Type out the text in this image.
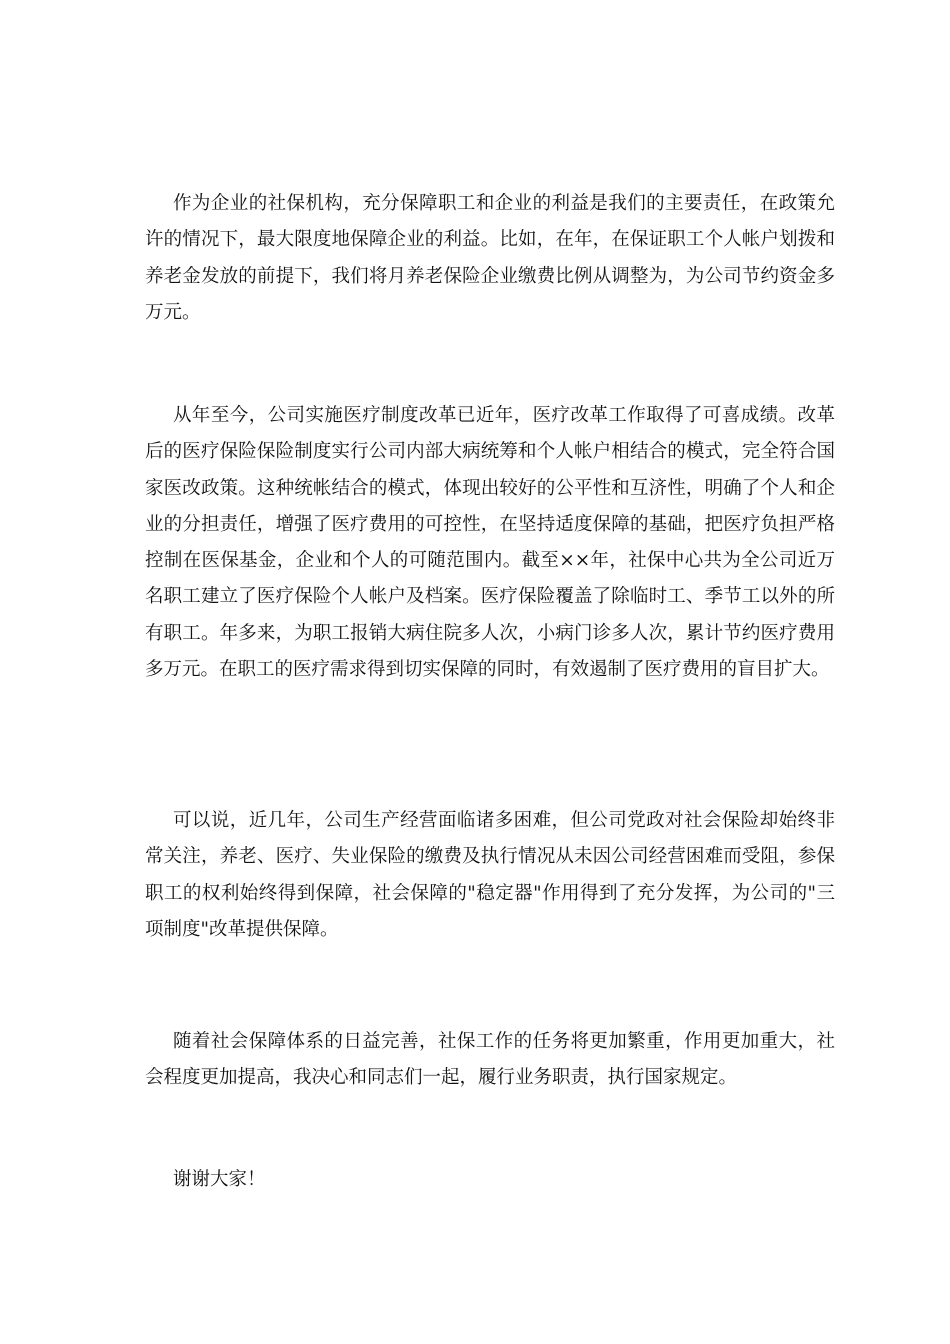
作为企业的社保机构，充分保障职工和企业的利益是我们的主要责任，在政策允许的情况下，最大限度地保障企业的利益。比如，在年，在保证职工个人帐户划拨和养老金发放的前提下，我们将月养老保险企业缴费比例从调整为，为公司节约资金多万元。

从年至今，公司实施医疗制度改革已近年，医疗改革工作取得了可喜成绩。改革后的医疗保险保险制度实行公司内部大病统筹和个人帐户相结合的模式，完全符合国家医改政策。这种统帐结合的模式，体现出较好的公平性和互济性，明确了个人和企业的分担责任，增强了医疗费用的可控性，在坚持适度保障的基础，把医疗负担严格控制在医保基金，企业和个人的可随范围内。截至××年，社保中心共为全公司近万名职工建立了医疗保险个人帐户及档案。医疗保险覆盖了除临时工、季节工以外的所有职工。年多来，为职工报销大病住院多人次，小病门诊多人次，累计节约医疗费用多万元。在职工的医疗需求得到切实保障的同时，有效遏制了医疗费用的盲目扩大。

可以说，近几年，公司生产经营面临诸多困难，但公司党政对社会保险却始终非常关注，养老、医疗、失业保险的缴费及执行情况从未因公司经营困难而受阻，参保职工的权利始终得到保障，社会保障的"稳定器"作用得到了充分发挥，为公司的"三项制度"改革提供保障。

随着社会保障体系的日益完善，社保工作的任务将更加繁重，作用更加重大，社会程度更加提高，我决心和同志们一起，履行业务职责，执行国家规定。

谢谢大家！
